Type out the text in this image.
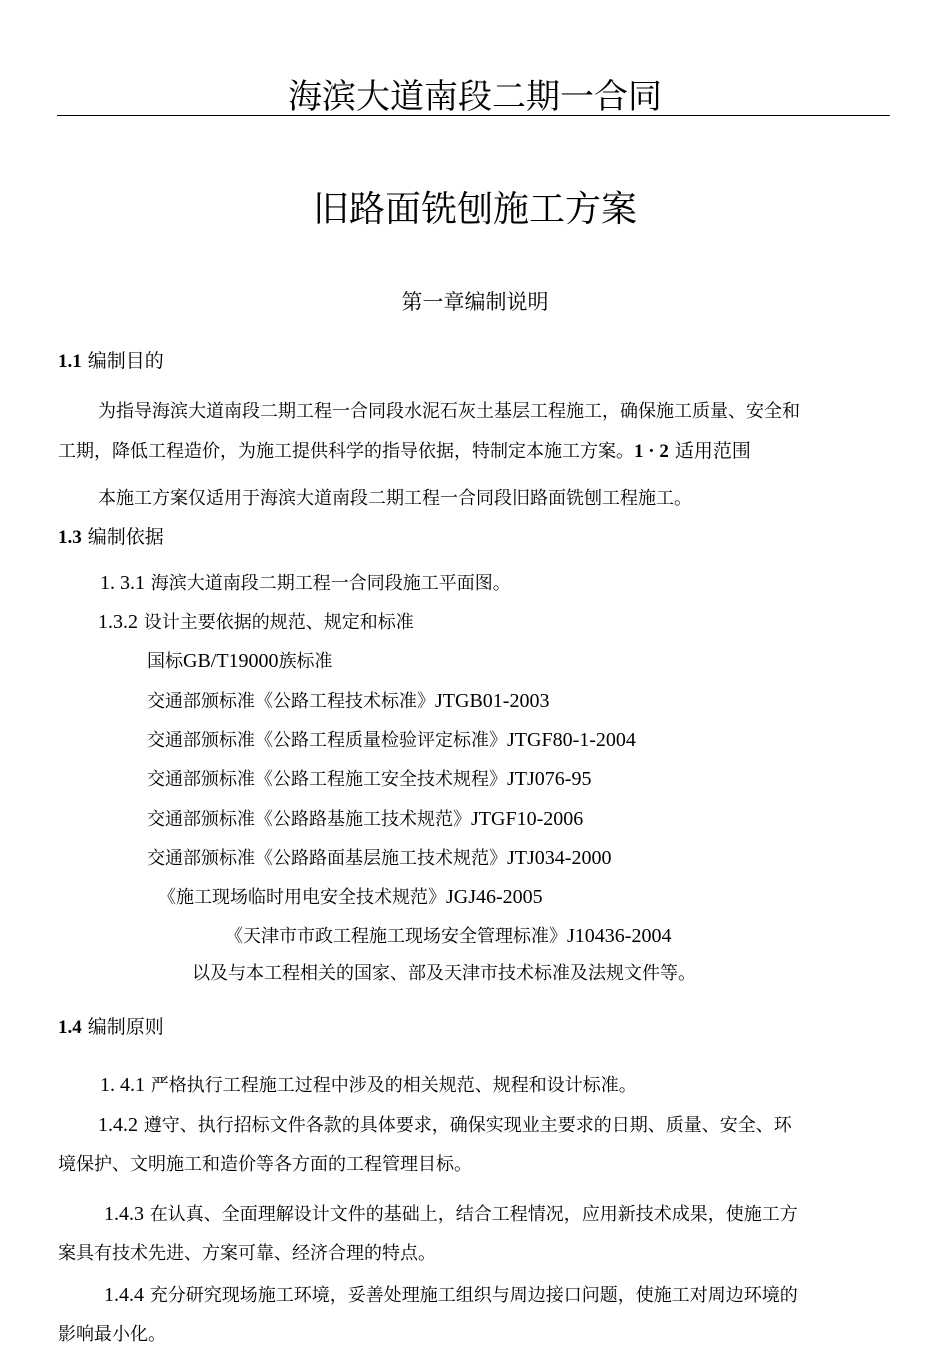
海滨大道南段二期一合同
旧路面铣刨施工方案
第一章编制说明
1.1 编制目的

为指导海滨大道南段二期工程一合同段水泥石灰土基层工程施工，确保施工质量、安全和

工期，降低工程造价，为施工提供科学的指导依据，特制定本施工方案。1 · 2 适用范围

本施工方案仅适用于海滨大道南段二期工程一合同段旧路面铣刨工程施工。

1.3 编制依据

1. 3.1 海滨大道南段二期工程一合同段施工平面图。

1.3.2 设计主要依据的规范、规定和标准

国标GB/T19000族标准

交通部颁标准《公路工程技术标准》JTGB01-2003

交通部颁标准《公路工程质量检验评定标准》JTGF80-1-2004

交通部颁标准《公路工程施工安全技术规程》JTJ076-95

交通部颁标准《公路路基施工技术规范》JTGF10-2006

交通部颁标准《公路路面基层施工技术规范》JTJ034-2000

《施工现场临时用电安全技术规范》JGJ46-2005

《天津市市政工程施工现场安全管理标准》J10436-2004

以及与本工程相关的国家、部及天津市技术标准及法规文件等。

1.4 编制原则

1. 4.1 严格执行工程施工过程中涉及的相关规范、规程和设计标准。

1.4.2 遵守、执行招标文件各款的具体要求，确保实现业主要求的日期、质量、安全、环

境保护、文明施工和造价等各方面的工程管理目标。

1.4.3 在认真、全面理解设计文件的基础上，结合工程情况，应用新技术成果，使施工方

案具有技术先进、方案可靠、经济合理的特点。

1.4.4 充分研究现场施工环境，妥善处理施工组织与周边接口问题，使施工对周边环境的

影响最小化。
